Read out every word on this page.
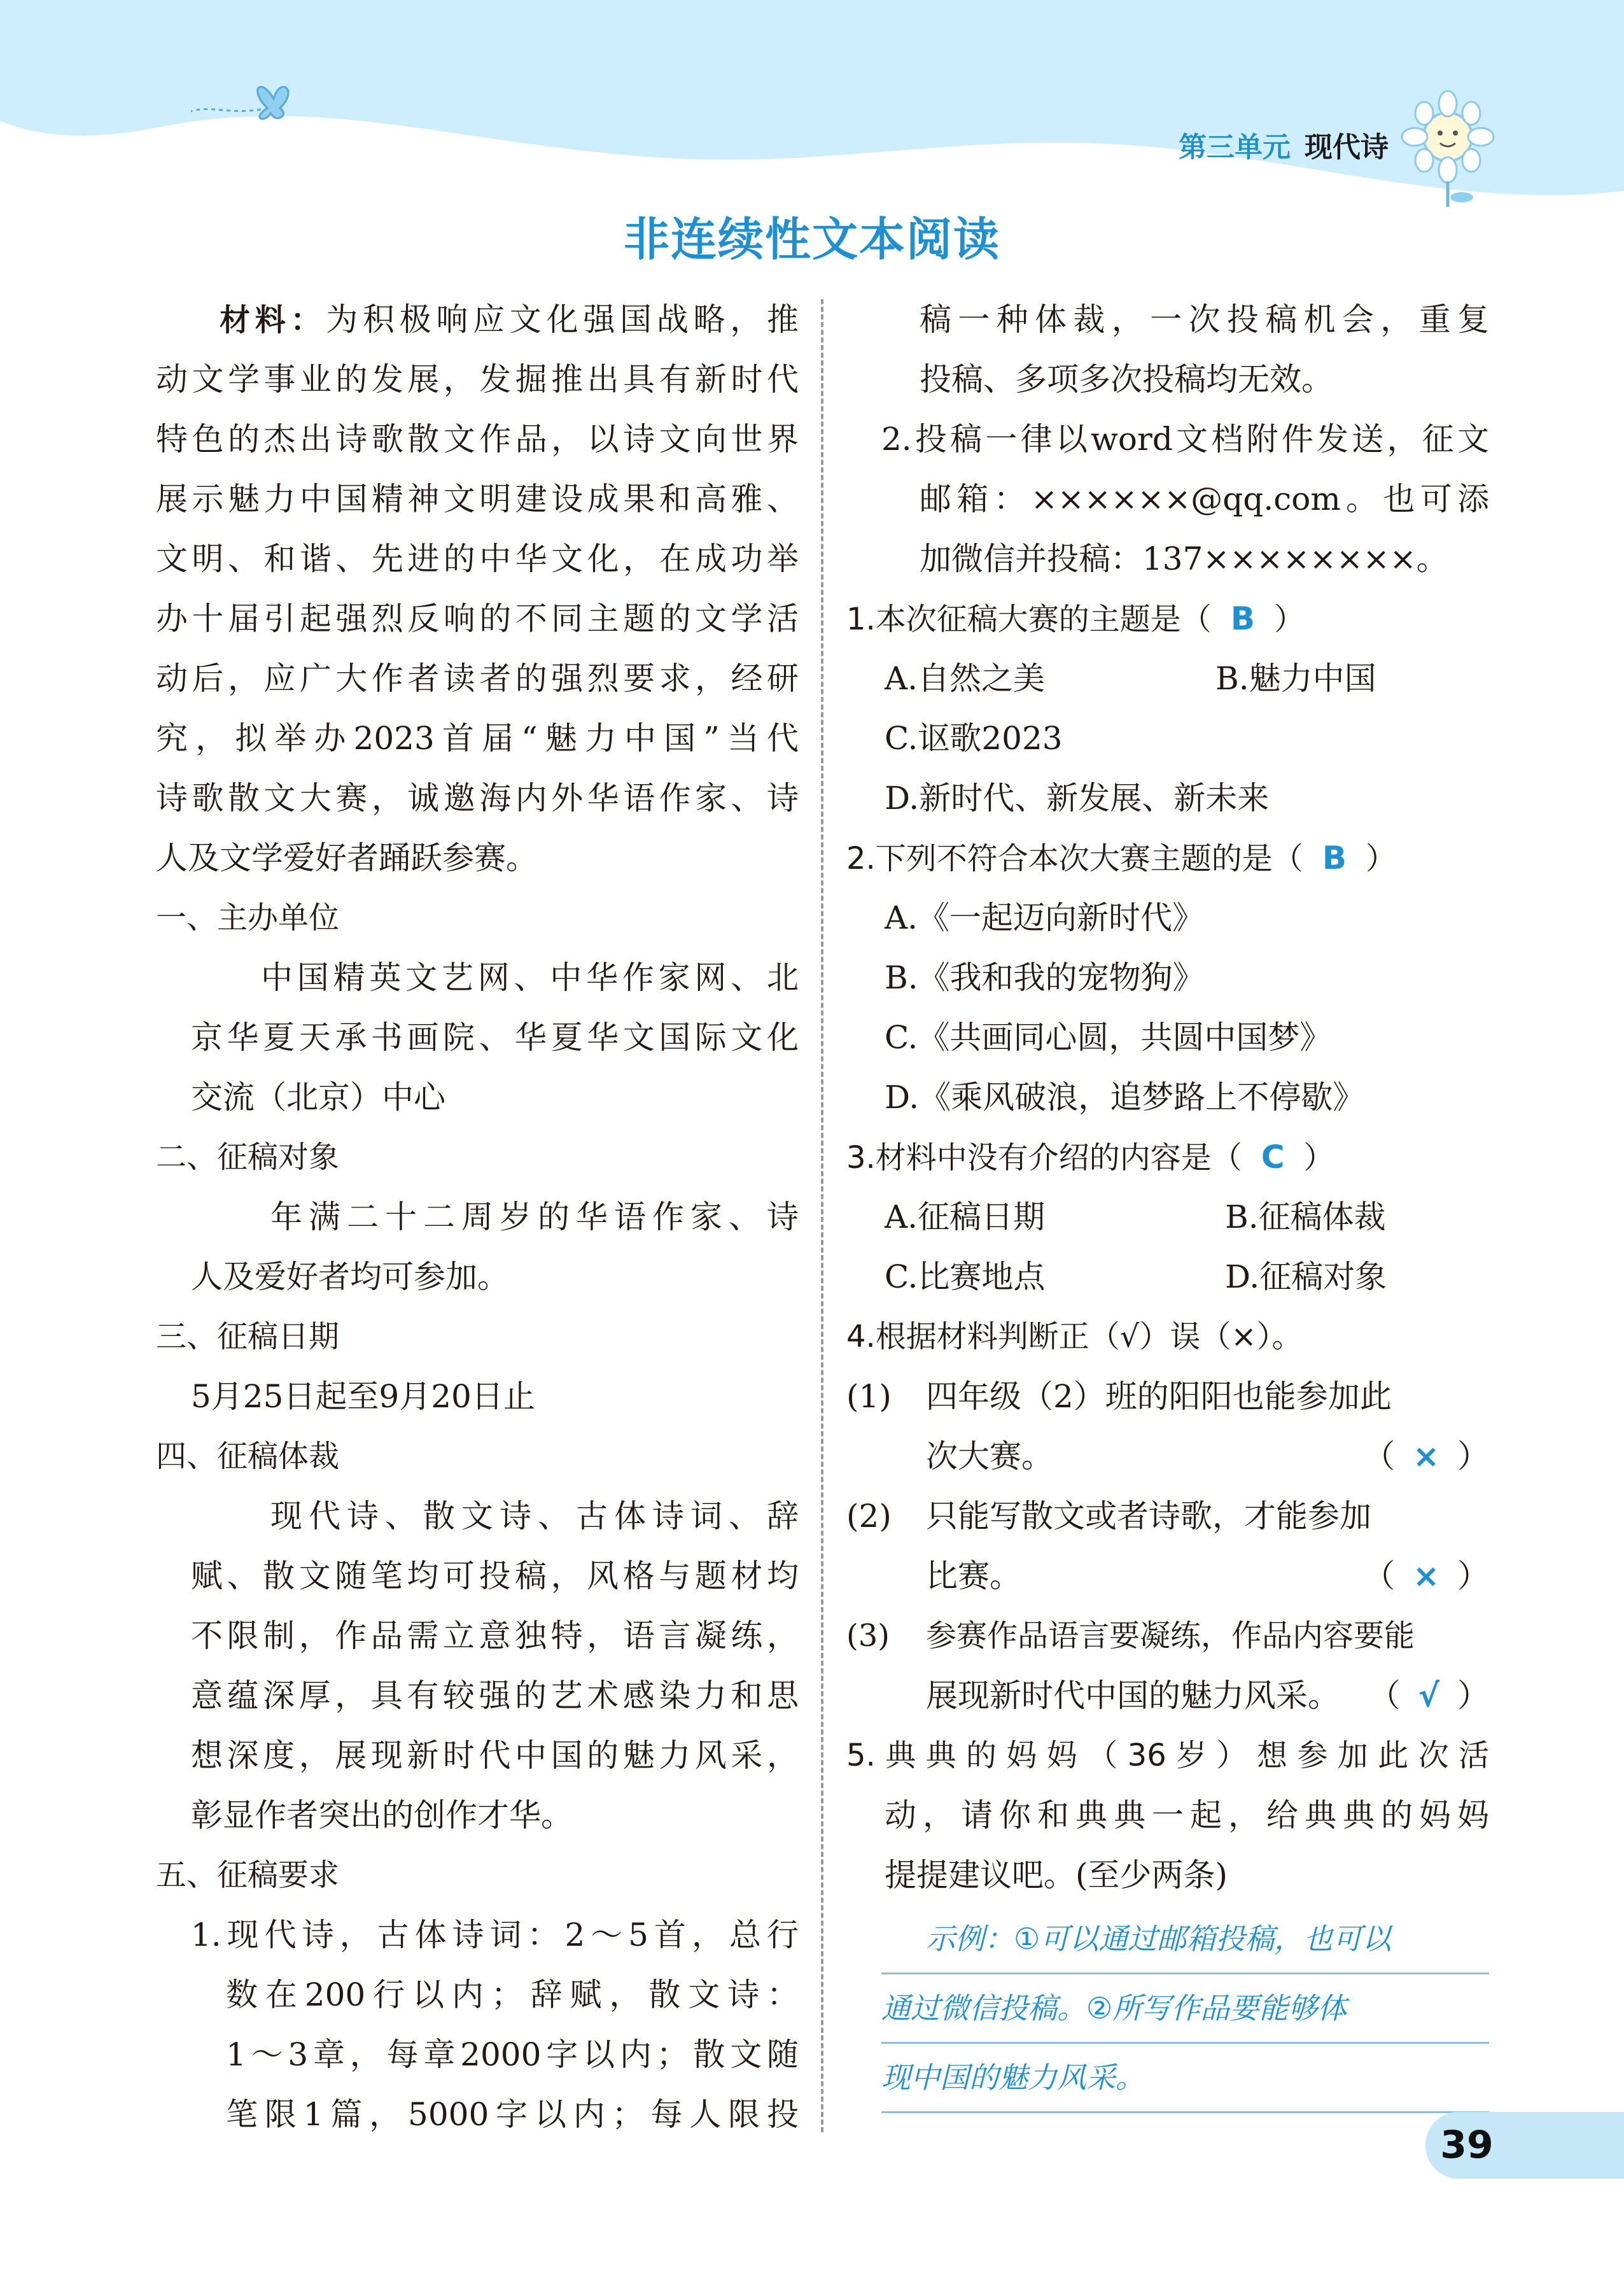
第三单元 现代诗
非连续性文本阅读
材料：为积极响应文化强国战略，推
动文学事业的发展，发掘推出具有新时代
特色的杰出诗歌散文作品，以诗文向世界
展示魅力中国精神文明建设成果和高雅、
文明、和谐、先进的中华文化，在成功举
办十届引起强烈反响的不同主题的文学活
动后，应广大作者读者的强烈要求，经研
究，拟举办2023首届“魅力中国”当代
诗歌散文大赛，诚邀海内外华语作家、诗
人及文学爱好者踊跃参赛。
一、主办单位
中国精英文艺网、中华作家网、北
京华夏天承书画院、华夏华文国际文化
交流（北京）中心
二、征稿对象
年满二十二周岁的华语作家、诗
人及爱好者均可参加。
三、征稿日期
5月25日起至9月20日止
四、征稿体裁
现代诗、散文诗、古体诗词、辞
赋、散文随笔均可投稿，风格与题材均
不限制，作品需立意独特，语言凝练，
意蕴深厚，具有较强的艺术感染力和思
想深度，展现新时代中国的魅力风采，
彰显作者突出的创作才华。
五、征稿要求
1.现代诗，古体诗词：2～5首，总行
数在200行以内；辞赋，散文诗：
1～3章，每章2000字以内；散文随
笔限1篇，5000字以内；每人限投
稿一种体裁，一次投稿机会，重复
投稿、多项多次投稿均无效。
2.投稿一律以word文档附件发送，征文
邮箱：××××××@qq.com。也可添
加微信并投稿：137××××××××。
1.本次征稿大赛的主题是（ B ）
A.自然之美	B.魅力中国
C.讴歌2023
D.新时代、新发展、新未来
2.下列不符合本次大赛主题的是（ B ）
A.《一起迈向新时代》
B.《我和我的宠物狗》
C.《共画同心圆，共圆中国梦》
D.《乘风破浪，追梦路上不停歇》
3.材料中没有介绍的内容是（ C ）
A.征稿日期	B.征稿体裁
C.比赛地点	D.征稿对象
4.根据材料判断正（√）误（×）。
(1) 四年级（2）班的阳阳也能参加此
次大赛。	（ × ）
(2) 只能写散文或者诗歌，才能参加
比赛。	（ × ）
(3) 参赛作品语言要凝练，作品内容要能
展现新时代中国的魅力风采。 （ √ ）
5.典典的妈妈（36岁）想参加此次活
动，请你和典典一起，给典典的妈妈
提提建议吧。(至少两条)
示例：①可以通过邮箱投稿，也可以
通过微信投稿。②所写作品要能够体
现中国的魅力风采。
39
